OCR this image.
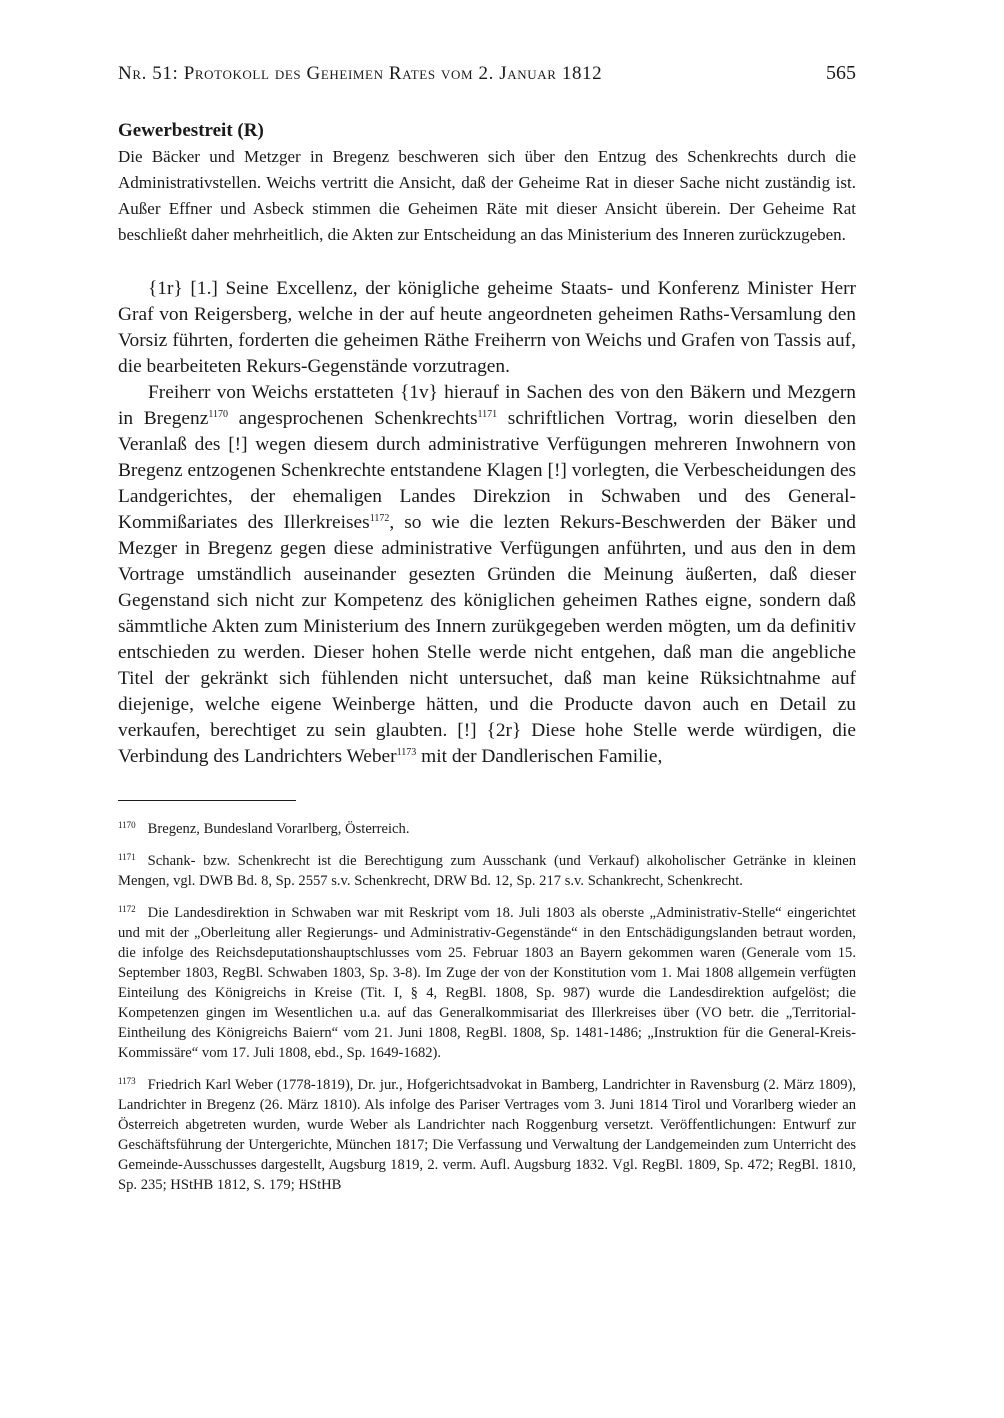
Nr. 51: Protokoll des Geheimen Rates vom 2. Januar 1812	565
Gewerbestreit (R)

Die Bäcker und Metzger in Bregenz beschweren sich über den Entzug des Schenkrechts durch die Administrativstellen. Weichs vertritt die Ansicht, daß der Geheime Rat in dieser Sache nicht zuständig ist. Außer Effner und Asbeck stimmen die Geheimen Räte mit dieser Ansicht überein. Der Geheime Rat beschließt daher mehrheitlich, die Akten zur Entscheidung an das Ministerium des Inneren zurückzugeben.

{1r} [1.] Seine Excellenz, der königliche geheime Staats- und Konferenz Minister Herr Graf von Reigersberg, welche in der auf heute angeordneten geheimen Raths-Versamlung den Vorsiz führten, forderten die geheimen Räthe Freiherrn von Weichs und Grafen von Tassis auf, die bearbeiteten Rekurs-Gegenstände vorzutragen.

Freiherr von Weichs erstatteten {1v} hierauf in Sachen des von den Bäkern und Mezgern in Bregenz$^{1170}$ angesprochenen Schenkrechts$^{1171}$ schriftlichen Vortrag, worin dieselben den Veranlaß des [!] wegen diesem durch administrative Verfügungen mehreren Inwohnern von Bregenz entzogenen Schenkrechte entstandene Klagen [!] vorlegten, die Verbescheidungen des Landgerichtes, der ehemaligen Landes Direkzion in Schwaben und des General-Kommißariates des Illerkreises$^{1172}$, so wie die lezten Rekurs-Beschwerden der Bäker und Mezger in Bregenz gegen diese administrative Verfügungen anführten, und aus den in dem Vortrage umständlich auseinander gesezten Gründen die Meinung äußerten, daß dieser Gegenstand sich nicht zur Kompetenz des königlichen geheimen Rathes eigne, sondern daß sämmtliche Akten zum Ministerium des Innern zurükgegeben werden mögten, um da definitiv entschieden zu werden. Dieser hohen Stelle werde nicht entgehen, daß man die angebliche Titel der gekränkt sich fühlenden nicht untersuchet, daß man keine Rüksichtnahme auf diejenige, welche eigene Weinberge hätten, und die Producte davon auch en Detail zu verkaufen, berechtiget zu sein glaubten. [!] {2r} Diese hohe Stelle werde würdigen, die Verbindung des Landrichters Weber$^{1173}$ mit der Dandlerischen Familie,

$^{1170}$ Bregenz, Bundesland Vorarlberg, Österreich.

$^{1171}$ Schank- bzw. Schenkrecht ist die Berechtigung zum Ausschank (und Verkauf) alkoholischer Getränke in kleinen Mengen, vgl. DWB Bd. 8, Sp. 2557 s.v. Schenkrecht, DRW Bd. 12, Sp. 217 s.v. Schankrecht, Schenkrecht.

$^{1172}$ Die Landesdirektion in Schwaben war mit Reskript vom 18. Juli 1803 als oberste „Administrativ-Stelle“ eingerichtet und mit der „Oberleitung aller Regierungs- und Administrativ-Gegenstände“ in den Entschädigungslanden betraut worden, die infolge des Reichsdeputationshauptschlusses vom 25. Februar 1803 an Bayern gekommen waren (Generale vom 15. September 1803, RegBl. Schwaben 1803, Sp. 3-8). Im Zuge der von der Konstitution vom 1. Mai 1808 allgemein verfügten Einteilung des Königreichs in Kreise (Tit. I, § 4, RegBl. 1808, Sp. 987) wurde die Landesdirektion aufgelöst; die Kompetenzen gingen im Wesentlichen u.a. auf das Generalkommisariat des Illerkreises über (VO betr. die „Territorial-Eintheilung des Königreichs Baiern“ vom 21. Juni 1808, RegBl. 1808, Sp. 1481-1486; „Instruktion für die General-Kreis-Kommissäre“ vom 17. Juli 1808, ebd., Sp. 1649-1682).

$^{1173}$ Friedrich Karl Weber (1778-1819), Dr. jur., Hofgerichtsadvokat in Bamberg, Landrichter in Ravensburg (2. März 1809), Landrichter in Bregenz (26. März 1810). Als infolge des Pariser Vertrages vom 3. Juni 1814 Tirol und Vorarlberg wieder an Österreich abgetreten wurden, wurde Weber als Landrichter nach Roggenburg versetzt. Veröffentlichungen: Entwurf zur Geschäftsführung der Untergerichte, München 1817; Die Verfassung und Verwaltung der Landgemeinden zum Unterricht des Gemeinde-Ausschusses dargestellt, Augsburg 1819, 2. verm. Aufl. Augsburg 1832. Vgl. RegBl. 1809, Sp. 472; RegBl. 1810, Sp. 235; HStHB 1812, S. 179; HStHB
